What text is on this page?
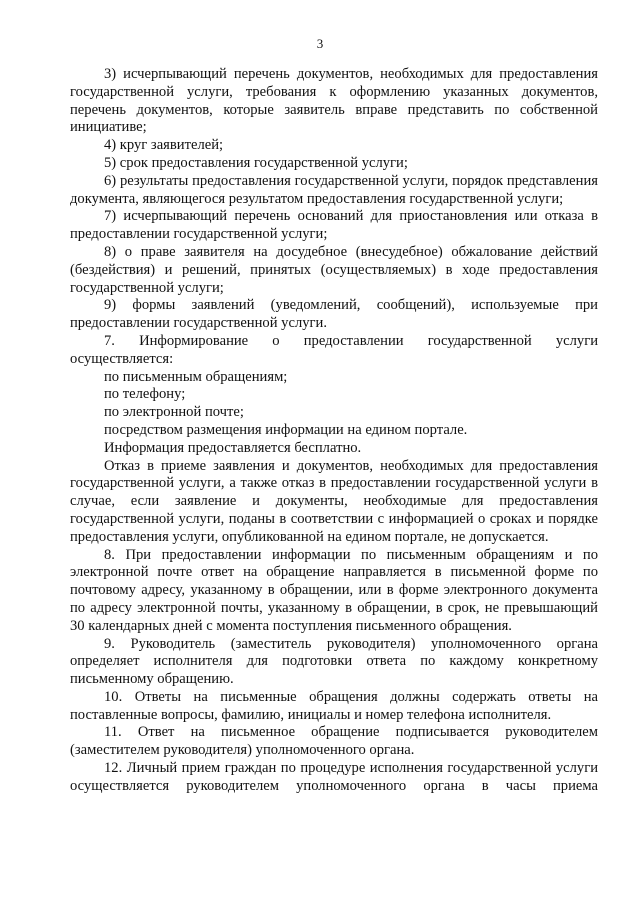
3

3) исчерпывающий перечень документов, необходимых для предоставления государственной услуги, требования к оформлению указанных документов, перечень документов, которые заявитель вправе представить по собственной инициативе;

4) круг заявителей;

5) срок предоставления государственной услуги;

6) результаты предоставления государственной услуги, порядок представления документа, являющегося результатом предоставления государственной услуги;

7) исчерпывающий перечень оснований для приостановления или отказа в предоставлении государственной услуги;

8) о праве заявителя на досудебное (внесудебное) обжалование действий (бездействия) и решений, принятых (осуществляемых) в ходе предоставления государственной услуги;

9) формы заявлений (уведомлений, сообщений), используемые при предоставлении государственной услуги.

7. Информирование о предоставлении государственной услуги осуществляется:

по письменным обращениям;

по телефону;

по электронной почте;

посредством размещения информации на едином портале.

Информация предоставляется бесплатно.

Отказ в приеме заявления и документов, необходимых для предоставления государственной услуги, а также отказ в предоставлении государственной услуги в случае, если заявление и документы, необходимые для предоставления государственной услуги, поданы в соответствии с информацией о сроках и порядке предоставления услуги, опубликованной на едином портале, не допускается.

8. При предоставлении информации по письменным обращениям и по электронной почте ответ на обращение направляется в письменной форме по почтовому адресу, указанному в обращении, или в форме электронного документа по адресу электронной почты, указанному в обращении, в срок, не превышающий 30 календарных дней с момента поступления письменного обращения.

9. Руководитель (заместитель руководителя) уполномоченного органа определяет исполнителя для подготовки ответа по каждому конкретному письменному обращению.

10. Ответы на письменные обращения должны содержать ответы на поставленные вопросы, фамилию, инициалы и номер телефона исполнителя.

11. Ответ на письменное обращение подписывается руководителем (заместителем руководителя) уполномоченного органа.

12. Личный прием граждан по процедуре исполнения государственной услуги осуществляется руководителем уполномоченного органа в часы приема
